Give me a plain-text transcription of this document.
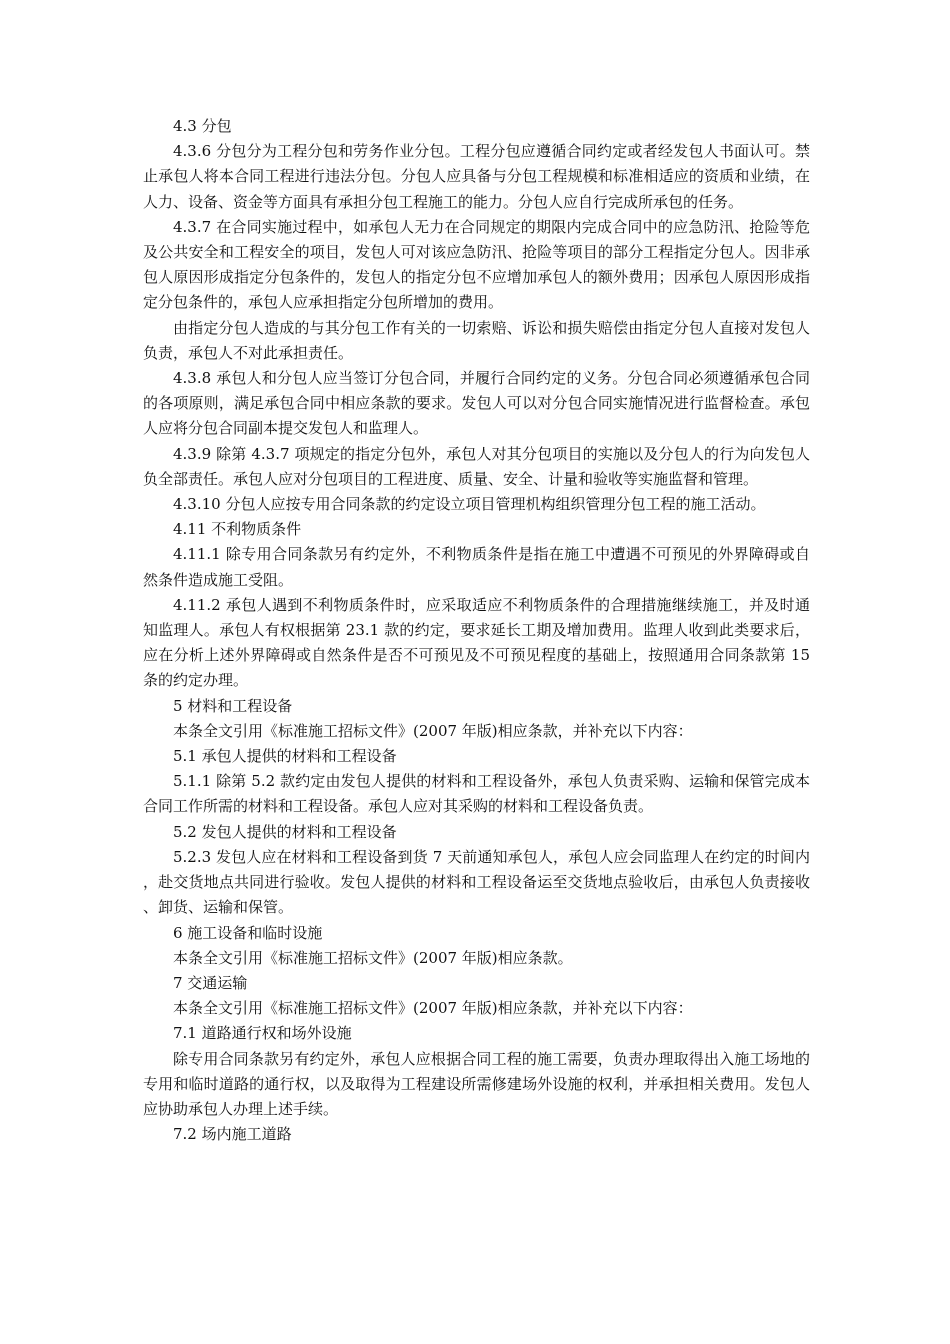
4.3 分包

4.3.6 分包分为工程分包和劳务作业分包。工程分包应遵循合同约定或者经发包人书面认可。禁止承包人将本合同工程进行违法分包。分包人应具备与分包工程规模和标准相适应的资质和业绩，在人力、设备、资金等方面具有承担分包工程施工的能力。分包人应自行完成所承包的任务。

4.3.7 在合同实施过程中，如承包人无力在合同规定的期限内完成合同中的应急防汛、抢险等危及公共安全和工程安全的项目，发包人可对该应急防汛、抢险等项目的部分工程指定分包人。因非承包人原因形成指定分包条件的，发包人的指定分包不应增加承包人的额外费用；因承包人原因形成指定分包条件的，承包人应承担指定分包所增加的费用。

由指定分包人造成的与其分包工作有关的一切索赔、诉讼和损失赔偿由指定分包人直接对发包人负责，承包人不对此承担责任。

4.3.8 承包人和分包人应当签订分包合同，并履行合同约定的义务。分包合同必须遵循承包合同的各项原则，满足承包合同中相应条款的要求。发包人可以对分包合同实施情况进行监督检查。承包人应将分包合同副本提交发包人和监理人。

4.3.9 除第 4.3.7 项规定的指定分包外，承包人对其分包项目的实施以及分包人的行为向发包人负全部责任。承包人应对分包项目的工程进度、质量、安全、计量和验收等实施监督和管理。

4.3.10 分包人应按专用合同条款的约定设立项目管理机构组织管理分包工程的施工活动。

4.11 不利物质条件

4.11.1 除专用合同条款另有约定外，不利物质条件是指在施工中遭遇不可预见的外界障碍或自然条件造成施工受阻。

4.11.2 承包人遇到不利物质条件时，应采取适应不利物质条件的合理措施继续施工，并及时通知监理人。承包人有权根据第 23.1 款的约定，要求延长工期及增加费用。监理人收到此类要求后，应在分析上述外界障碍或自然条件是否不可预见及不可预见程度的基础上，按照通用合同条款第 15 条的约定办理。

5 材料和工程设备

本条全文引用《标准施工招标文件》(2007 年版)相应条款，并补充以下内容：

5.1 承包人提供的材料和工程设备

5.1.1 除第 5.2 款约定由发包人提供的材料和工程设备外，承包人负责采购、运输和保管完成本合同工作所需的材料和工程设备。承包人应对其采购的材料和工程设备负责。

5.2 发包人提供的材料和工程设备

5.2.3 发包人应在材料和工程设备到货 7 天前通知承包人，承包人应会同监理人在约定的时间内，赴交货地点共同进行验收。发包人提供的材料和工程设备运至交货地点验收后，由承包人负责接收、卸货、运输和保管。

6 施工设备和临时设施

本条全文引用《标准施工招标文件》(2007 年版)相应条款。

7 交通运输

本条全文引用《标准施工招标文件》(2007 年版)相应条款，并补充以下内容：

7.1 道路通行权和场外设施

除专用合同条款另有约定外，承包人应根据合同工程的施工需要，负责办理取得出入施工场地的专用和临时道路的通行权，以及取得为工程建设所需修建场外设施的权利，并承担相关费用。发包人应协助承包人办理上述手续。

7.2 场内施工道路
